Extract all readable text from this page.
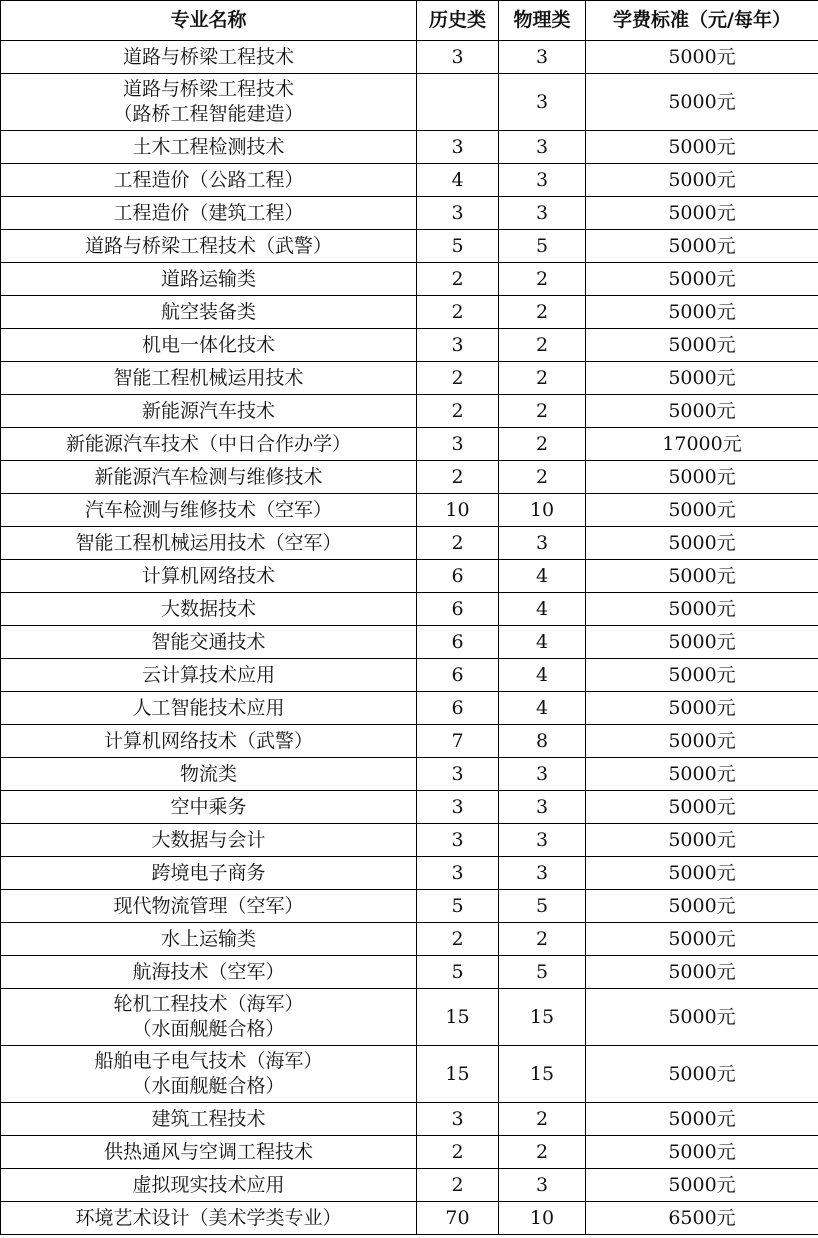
专业名称	历史类	物理类	学费标准（元/每年）

道路与桥梁工程技术	3	3	5000元

道路与桥梁工程技术
（路桥工程智能建造）		3	5000元

土木工程检测技术	3	3	5000元

工程造价（公路工程）	4	3	5000元

工程造价（建筑工程）	3	3	5000元

道路与桥梁工程技术（武警）	5	5	5000元

道路运输类	2	2	5000元

航空装备类	2	2	5000元

机电一体化技术	3	2	5000元

智能工程机械运用技术	2	2	5000元

新能源汽车技术	2	2	5000元

新能源汽车技术（中日合作办学）	3	2	17000元

新能源汽车检测与维修技术	2	2	5000元

汽车检测与维修技术（空军）	10	10	5000元

智能工程机械运用技术（空军）	2	3	5000元

计算机网络技术	6	4	5000元

大数据技术	6	4	5000元

智能交通技术	6	4	5000元

云计算技术应用	6	4	5000元

人工智能技术应用	6	4	5000元

计算机网络技术（武警）	7	8	5000元

物流类	3	3	5000元

空中乘务	3	3	5000元

大数据与会计	3	3	5000元

跨境电子商务	3	3	5000元

现代物流管理（空军）	5	5	5000元

水上运输类	2	2	5000元

航海技术（空军）	5	5	5000元

轮机工程技术（海军）
（水面舰艇合格）	15	15	5000元

船舶电子电气技术（海军）
（水面舰艇合格）	15	15	5000元

建筑工程技术	3	2	5000元

供热通风与空调工程技术	2	2	5000元

虚拟现实技术应用	2	3	5000元

环境艺术设计（美术学类专业）	70	10	6500元
